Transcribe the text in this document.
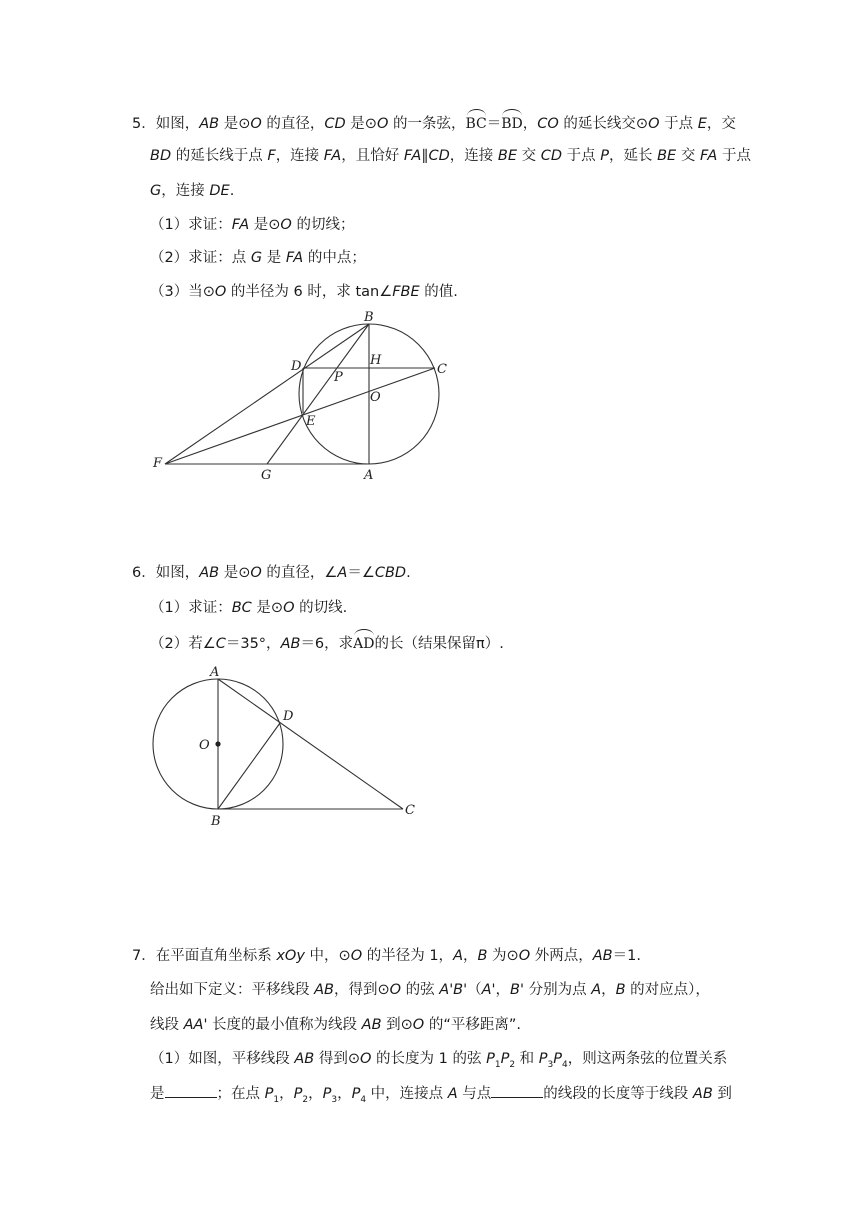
5．如图，AB 是⊙O 的直径，CD 是⊙O 的一条弦，BC＝BD，CO 的延长线交⊙O 于点 E，交
BD 的延长线于点 F，连接 FA，且恰好 FA∥CD，连接 BE 交 CD 于点 P，延长 BE 交 FA 于点
G，连接 DE.
（1）求证：FA 是⊙O 的切线；
（2）求证：点 G 是 FA 的中点；
（3）当⊙O 的半径为 6 时，求 tan∠FBE 的值.
B
D	H
C
P
O
E
F
G	A
6．如图，AB 是⊙O 的直径，∠A＝∠CBD.
（1）求证：BC 是⊙O 的切线.
（2）若∠C＝35°，AB＝6，求AD的长（结果保留π）.
A
D
O
B
C
7．在平面直角坐标系 xOy 中，⊙O 的半径为 1，A，B 为⊙O 外两点，AB＝1.
给出如下定义：平移线段 AB，得到⊙O 的弦 A'B'（A'，B' 分别为点 A，B 的对应点），
线段 AA' 长度的最小值称为线段 AB 到⊙O 的“平移距离”.
（1）如图，平移线段 AB 得到⊙O 的长度为 1 的弦 $P_1P_2$ 和 $P_3P_4$，则这两条弦的位置关系
是	；在点 $P_1$，$P_2$，$P_3$，$P_4$ 中，连接点 A 与点	的线段的长度等于线段 AB 到
